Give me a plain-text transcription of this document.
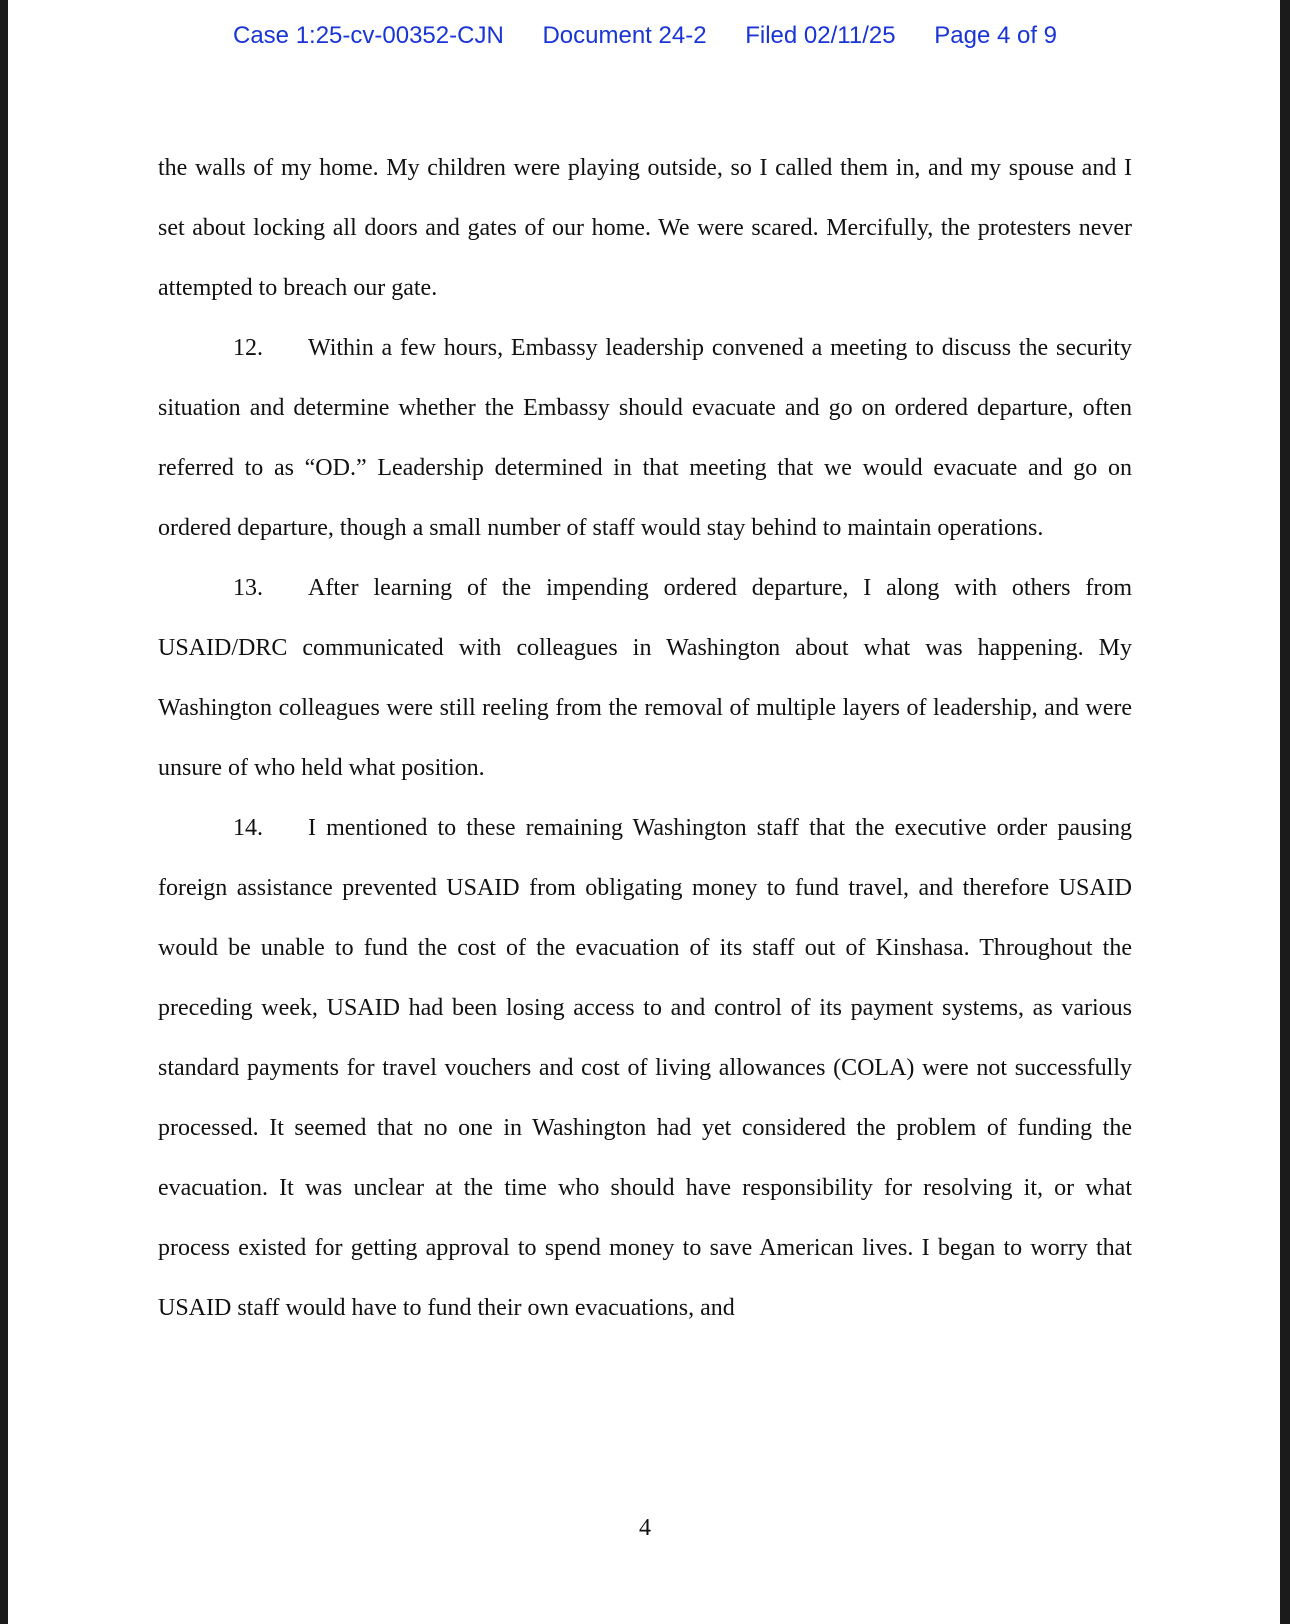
Case 1:25-cv-00352-CJN Document 24-2 Filed 02/11/25 Page 4 of 9

the walls of my home. My children were playing outside, so I called them in, and my spouse and I set about locking all doors and gates of our home. We were scared. Mercifully, the protesters never attempted to breach our gate.

12. Within a few hours, Embassy leadership convened a meeting to discuss the security situation and determine whether the Embassy should evacuate and go on ordered departure, often referred to as “OD.” Leadership determined in that meeting that we would evacuate and go on ordered departure, though a small number of staff would stay behind to maintain operations.

13. After learning of the impending ordered departure, I along with others from USAID/DRC communicated with colleagues in Washington about what was happening. My Washington colleagues were still reeling from the removal of multiple layers of leadership, and were unsure of who held what position.

14. I mentioned to these remaining Washington staff that the executive order pausing foreign assistance prevented USAID from obligating money to fund travel, and therefore USAID would be unable to fund the cost of the evacuation of its staff out of Kinshasa. Throughout the preceding week, USAID had been losing access to and control of its payment systems, as various standard payments for travel vouchers and cost of living allowances (COLA) were not successfully processed. It seemed that no one in Washington had yet considered the problem of funding the evacuation. It was unclear at the time who should have responsibility for resolving it, or what process existed for getting approval to spend money to save American lives. I began to worry that USAID staff would have to fund their own evacuations, and

4
